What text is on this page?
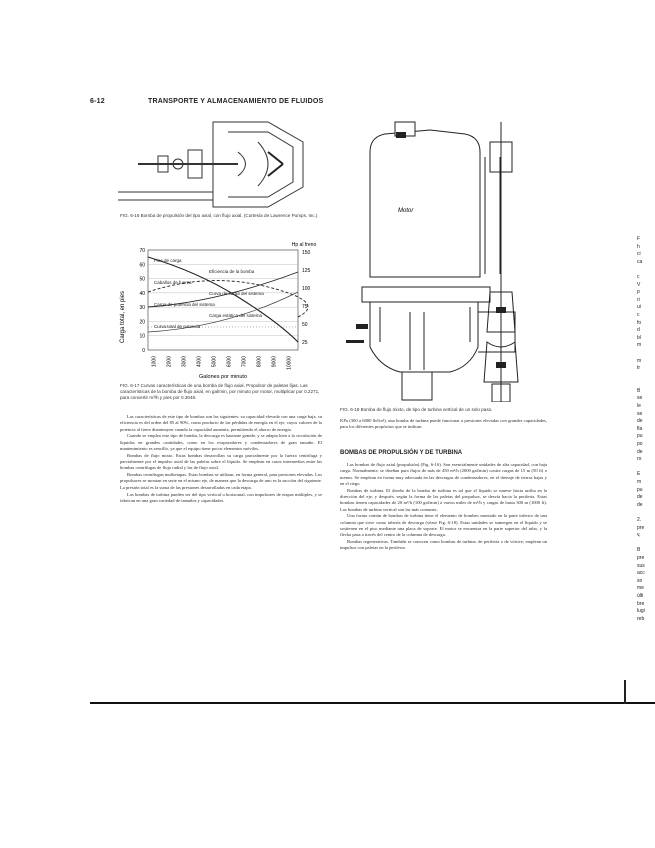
6-12	TRANSPORTE Y ALMACENAMIENTO DE FLUIDOS
FIG. 6-16 Bomba de propulsión del tipo axial, con flujo axial. (Cortesía de Lawrence Pumps, Inc.)
Carga total, en pies
70
60
50
40
30
20
10
0
1000 2000 3000 4000 5000 6000 7000 8000 9000 10000
150
125
100
75
50
25
Hp al freno
Pies de carga
Eficiencia de la bomba
Caballos de fuerza
Curva de carga del sistema
Carga de potencia del sistema
Carga estática del sistema
Curva total de potencia
Galones por minuto
FIG. 6-17 Curvas características de una bomba de flujo axial. Propulsor de paletas fijas. Las características de la bomba de flujo axial, en gal/min, por minuto por motor, multiplicar por 0.2271, para convertir m³/h y pies por 0.3048.

Las características de este tipo de bombas son las siguientes: su capacidad elevada con una carga baja, su eficiencia es del orden del 85 al 90%, como producto de las pérdidas de energía en el eje, cuyos valores de la potencia al freno disminuyen cuando la capacidad aumenta, permitiendo el ahorro de energía.

Cuando se emplea este tipo de bomba, la descarga es bastante grande, y se adapta bien a la circulación de líquidos en grandes cantidades, como en los evaporadores y condensadores de gran tamaño. El mantenimiento es sencillo, ya que el equipo tiene pocos elementos móviles.

Bombas de flujo mixto. Estas bombas desarrollan su carga parcialmente por la fuerza centrífuga y parcialmente por el impulso axial de las paletas sobre el líquido. Se emplean en casos intermedios entre las bombas centrífugas de flujo radial y las de flujo axial.

Bombas centrífugas multietapas. Estas bombas se utilizan, en forma general, para presiones elevadas. Los propulsores se montan en serie en el mismo eje, de manera que la descarga de uno es la succión del siguiente. La presión total es la suma de las presiones desarrolladas en cada etapa.

Las bombas de turbina pueden ser del tipo vertical u horizontal, con impulsores de etapas múltiples, y se fabrican en una gran variedad de tamaños y capacidades.

Motor
FIG. 6-18 Bomba de flujo mixto, de tipo de turbina vertical de un solo paso.
KPa (300 a 6000 lbf/in²), una bomba de turbina puede funcionar a presiones elevadas con grandes capacidades, para los diferentes propósitos que se indican.
BOMBAS DE PROPULSIÓN Y DE TURBINA

Las bombas de flujo axial (propulsión) (Fig. 6-16). Son esencialmente unidades de alta capacidad, con baja carga. Normalmente, se diseñan para flujos de más de 450 m³/h (2000 gal/min) contra cargas de 15 m (50 ft) o menos. Se emplean en forma muy adecuada en las descargas de condensadores, en el drenaje de tierras bajas y en el riego.

Bombas de turbina. El diseño de la bomba de turbina es tal que el líquido se mueve hacia arriba en la dirección del eje, y después, según la forma de las paletas del propulsor, se desvía hacia la periferia. Estas bombas tienen capacidades de 20 m³/h (100 gal/min) a varios miles de m³/h y cargas de hasta 300 m (1000 ft). Las bombas de turbina vertical son las más comunes.

Una forma común de bombas de turbina tiene el elemento de bombeo montado en la parte inferior de una columna que sirve como tubería de descarga (véase Fig. 6-18). Estas unidades se sumergen en el líquido y se sostienen en el piso mediante una placa de soporte. El motor se encuentra en la parte superior del tubo, y la flecha pasa a través del centro de la columna de descarga.

Bombas regenerativas. También se conocen como bombas de turbina, de periferia o de vórtice; emplean un impulsor con paletas en la periferia.

F
h
ci
ca

c
V
p
ri
ui
c
fo
d
bl
m

m
tr

B
se
le
se
de
fla
pu
po
de
ro

E
m
pu
de
de

2.
pre
v,

B
pre
sus
acc
so
me
últi
bre
lugi
reb
